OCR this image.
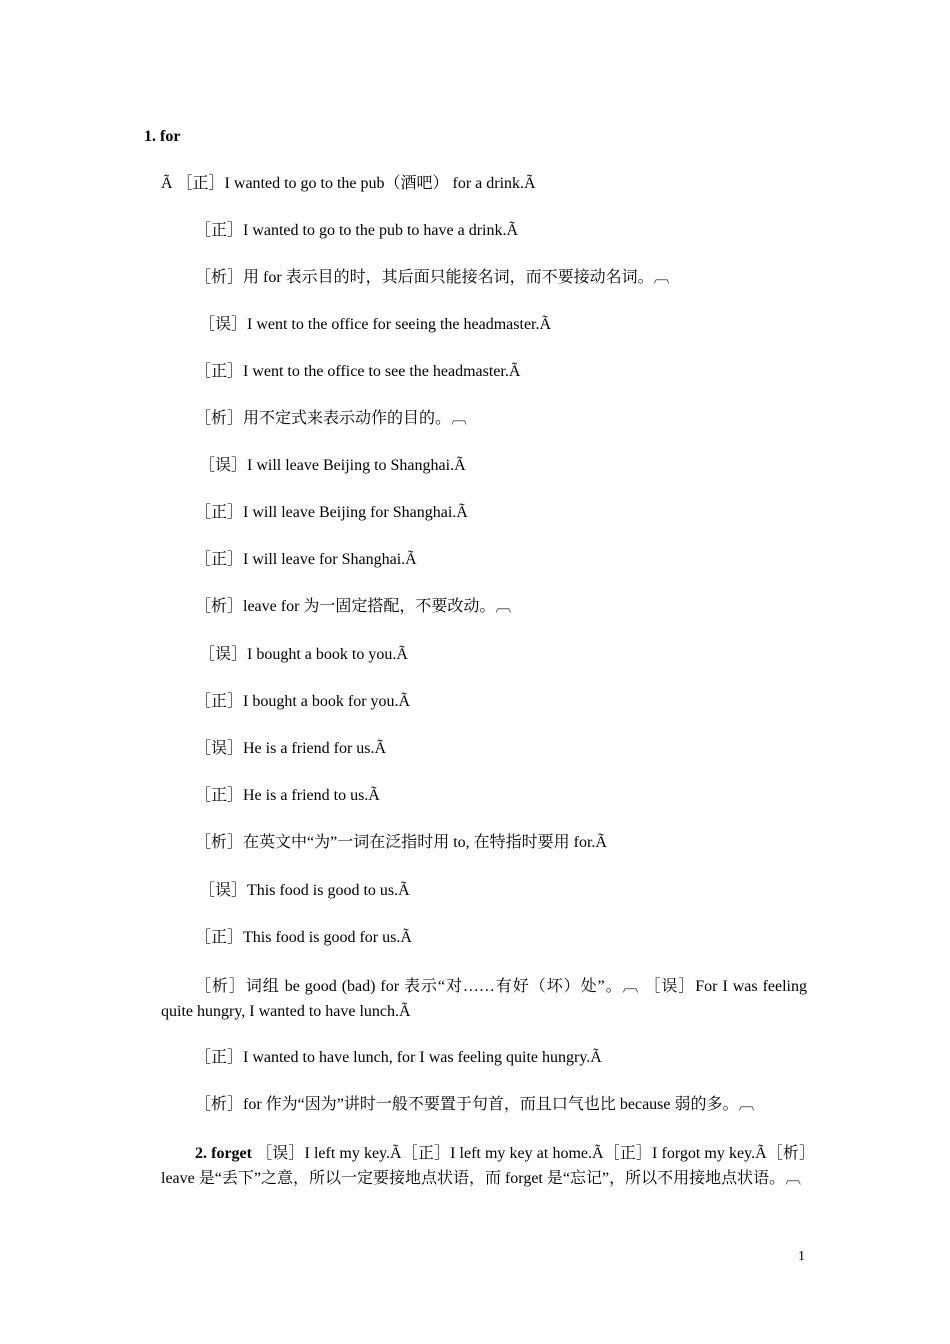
1. for
Ã ［正］I wanted to go to the pub（酒吧） for a drink.Ã
［正］I wanted to go to the pub to have a drink.Ã
［析］用 for 表示目的时，其后面只能接名词，而不要接动名词。︹
［误］I went to the office for seeing the headmaster.Ã
［正］I went to the office to see the headmaster.Ã
［析］用不定式来表示动作的目的。︹
［误］I will leave Beijing to Shanghai.Ã
［正］I will leave Beijing for Shanghai.Ã
［正］I will leave for Shanghai.Ã
［析］leave for 为一固定搭配，不要改动。︹
［误］I bought a book to you.Ã
［正］I bought a book for you.Ã
［误］He is a friend for us.Ã
［正］He is a friend to us.Ã
［析］在英文中“为”一词在泛指时用 to, 在特指时要用 for.Ã
［误］This food is good to us.Ã
［正］This food is good for us.Ã
［析］词组 be good (bad) for 表示“对……有好（坏）处”。︹ ［误］For I was feeling quite hungry, I wanted to have lunch.Ã
［正］I wanted to have lunch, for I was feeling quite hungry.Ã
［析］for 作为“因为”讲时一般不要置于句首，而且口气也比 because 弱的多。︹
2. forget ［误］I left my key.Ã［正］I left my key at home.Ã［正］I forgot my key.Ã［析］leave 是“丢下”之意，所以一定要接地点状语，而 forget 是“忘记”，所以不用接地点状语。︹
1
